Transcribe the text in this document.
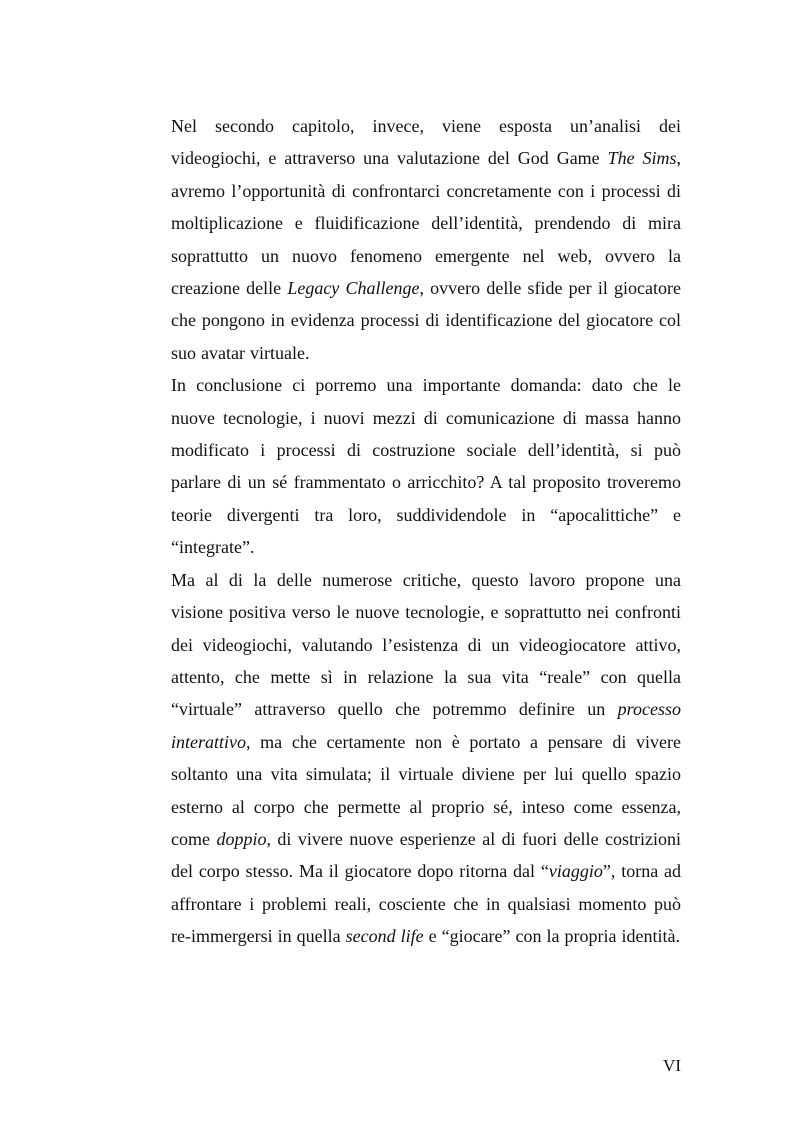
Nel secondo capitolo, invece, viene esposta un’analisi dei videogiochi, e attraverso una valutazione del God Game The Sims, avremo l’opportunità di confrontarci concretamente con i processi di moltiplicazione e fluidificazione dell’identità, prendendo di mira soprattutto un nuovo fenomeno emergente nel web, ovvero la creazione delle Legacy Challenge, ovvero delle sfide per il giocatore che pongono in evidenza processi di identificazione del giocatore col suo avatar virtuale.

In conclusione ci porremo una importante domanda: dato che le nuove tecnologie, i nuovi mezzi di comunicazione di massa hanno modificato i processi di costruzione sociale dell’identità, si può parlare di un sé frammentato o arricchito? A tal proposito troveremo teorie divergenti tra loro, suddividendole in “apocalittiche” e “integrate”.

Ma al di la delle numerose critiche, questo lavoro propone una visione positiva verso le nuove tecnologie, e soprattutto nei confronti dei videogiochi, valutando l’esistenza di un videogiocatore attivo, attento, che mette sì in relazione la sua vita “reale” con quella “virtuale” attraverso quello che potremmo definire un processo interattivo, ma che certamente non è portato a pensare di vivere soltanto una vita simulata; il virtuale diviene per lui quello spazio esterno al corpo che permette al proprio sé, inteso come essenza, come doppio, di vivere nuove esperienze al di fuori delle costrizioni del corpo stesso. Ma il giocatore dopo ritorna dal “viaggio”, torna ad affrontare i problemi reali, cosciente che in qualsiasi momento può re-immergersi in quella second life e “giocare” con la propria identità.

VI
